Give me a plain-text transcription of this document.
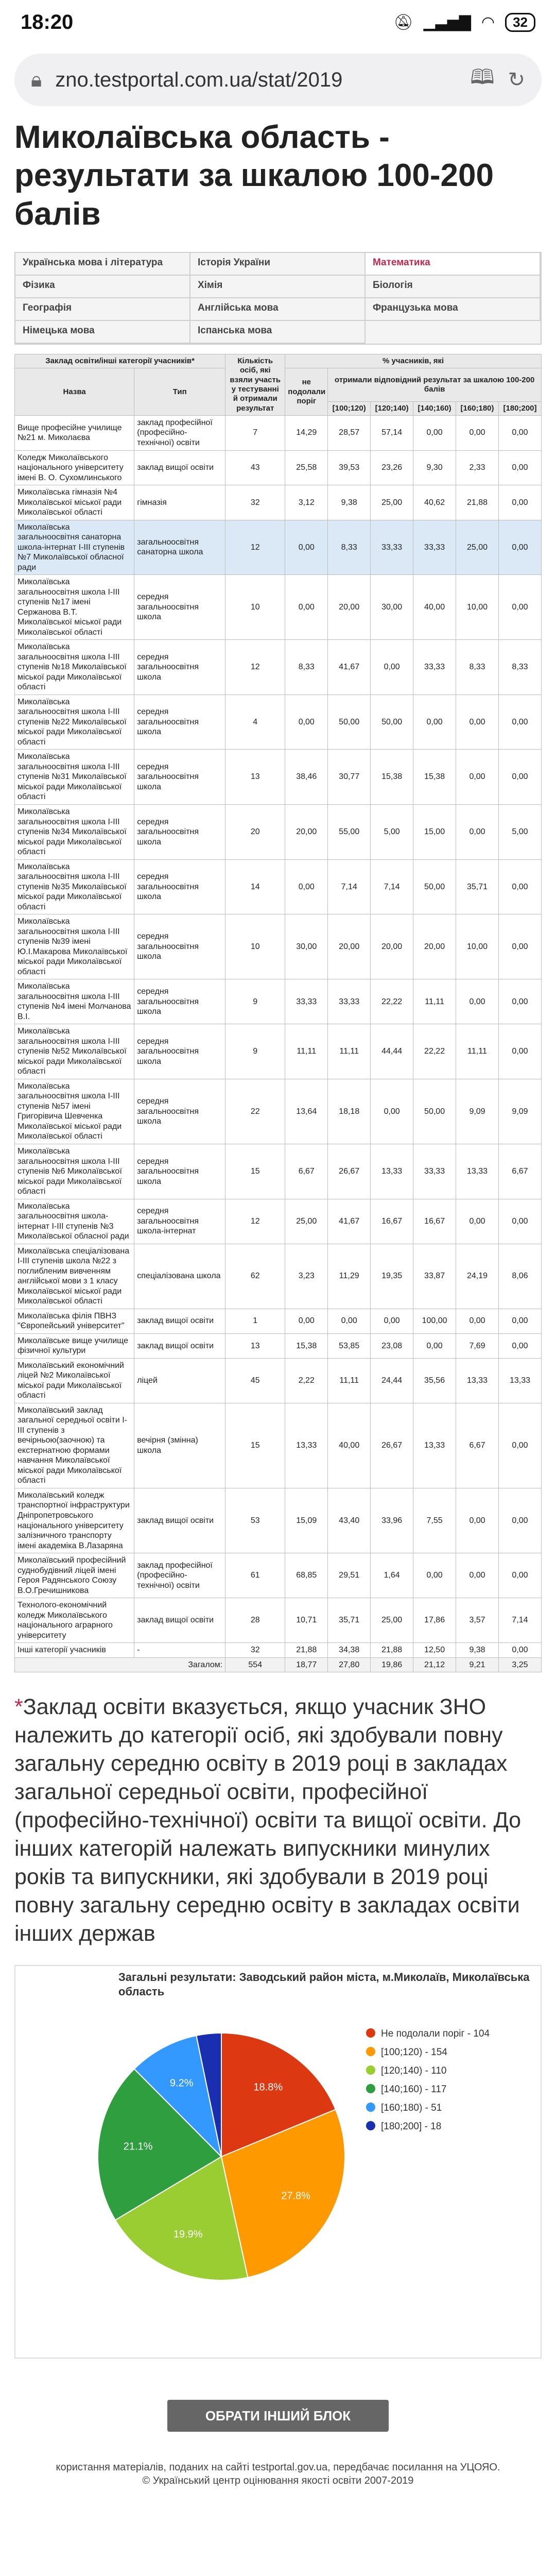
18:20	🔕︎ ▁▃▅▇ ◠	32
🔒︎ zno.testportal.com.ua/stat/2019	🕮︎ ↻
Миколаївська область - результати за шкалою 100-200 балів
Українська мова і література	Історія України	Математика
Фізика	Хімія	Біологія
Географія	Англійська мова	Французька мова
Німецька мова	Іспанська мова
Заклад освіти/інші категорії учасників*		Кількість осіб, які взяли участь у тестуванні й отримали результат	% учасників, які					
Назва	Тип		не подолали поріг	отримали відповідний результат за шкалою 100-200 балів				
				[100;120)	[120;140)	[140;160)	[160;180)	[180;200]
Вище професійне училище №21 м. Миколаєва	заклад професійної (професійно-технічної) освіти	7	14,29	28,57	57,14	0,00	0,00	0,00
Коледж Миколаївського національного університету імені В. О. Сухомлинського	заклад вищої освіти	43	25,58	39,53	23,26	9,30	2,33	0,00
Миколаївська гімназія №4 Миколаївської міської ради Миколаївської області	гімназія	32	3,12	9,38	25,00	40,62	21,88	0,00
Миколаївська загальноосвітня санаторна школа-інтернат І-ІІІ ступенів №7 Миколаївської обласної ради	загальноосвітня санаторна школа	12	0,00	8,33	33,33	33,33	25,00	0,00
Миколаївська загальноосвітня школа І-ІІІ ступенів №17 імені Сержанова В.Т. Миколаївської міської ради Миколаївської області	середня загальноосвітня школа	10	0,00	20,00	30,00	40,00	10,00	0,00
Миколаївська загальноосвітня школа І-ІІІ ступенів №18 Миколаївської міської ради Миколаївської області	середня загальноосвітня школа	12	8,33	41,67	0,00	33,33	8,33	8,33
Миколаївська загальноосвітня школа І-ІІІ ступенів №22 Миколаївської міської ради Миколаївської області	середня загальноосвітня школа	4	0,00	50,00	50,00	0,00	0,00	0,00
Миколаївська загальноосвітня школа І-ІІІ ступенів №31 Миколаївської міської ради Миколаївської області	середня загальноосвітня школа	13	38,46	30,77	15,38	15,38	0,00	0,00
Миколаївська загальноосвітня школа І-ІІІ ступенів №34 Миколаївської міської ради Миколаївської області	середня загальноосвітня школа	20	20,00	55,00	5,00	15,00	0,00	5,00
Миколаївська загальноосвітня школа І-ІІІ ступенів №35 Миколаївської міської ради Миколаївської області	середня загальноосвітня школа	14	0,00	7,14	7,14	50,00	35,71	0,00
Миколаївська загальноосвітня школа І-ІІІ ступенів №39 імені Ю.І.Макарова Миколаївської міської ради Миколаївської області	середня загальноосвітня школа	10	30,00	20,00	20,00	20,00	10,00	0,00
Миколаївська загальноосвітня школа І-ІІІ ступенів №4 імені Молчанова В.І.	середня загальноосвітня школа	9	33,33	33,33	22,22	11,11	0,00	0,00
Миколаївська загальноосвітня школа І-ІІІ ступенів №52 Миколаївської міської ради Миколаївської області	середня загальноосвітня школа	9	11,11	11,11	44,44	22,22	11,11	0,00
Миколаївська загальноосвітня школа І-ІІІ ступенів №57 імені Григорівича Шевченка Миколаївської міської ради Миколаївської області	середня загальноосвітня школа	22	13,64	18,18	0,00	50,00	9,09	9,09
Миколаївська загальноосвітня школа І-ІІІ ступенів №6 Миколаївської міської ради Миколаївської області	середня загальноосвітня школа	15	6,67	26,67	13,33	33,33	13,33	6,67
Миколаївська загальноосвітня школа-інтернат І-ІІІ ступенів №3 Миколаївської обласної ради	середня загальноосвітня школа-інтернат	12	25,00	41,67	16,67	16,67	0,00	0,00
Миколаївська спеціалізована І-ІІІ ступенів школа №22 з поглибленим вивченням англійської мови з 1 класу Миколаївської міської ради Миколаївської області	спеціалізована школа	62	3,23	11,29	19,35	33,87	24,19	8,06
Миколаївська філія ПВНЗ "Європейський університет"	заклад вищої освіти	1	0,00	0,00	0,00	100,00	0,00	0,00
Миколаївське вище училище фізичної культури	заклад вищої освіти	13	15,38	53,85	23,08	0,00	7,69	0,00
Миколаївський економічний ліцей №2 Миколаївської міської ради Миколаївської області	ліцей	45	2,22	11,11	24,44	35,56	13,33	13,33
Миколаївський заклад загальної середньої освіти І-ІІІ ступенів з вечірньою(заочною) та екстернатною формами навчання Миколаївської міської ради Миколаївської області	вечірня (змінна) школа	15	13,33	40,00	26,67	13,33	6,67	0,00
Миколаївський коледж транспортної інфраструктури Дніпропетровського національного університету залізничного транспорту імені академіка В.Лазаряна	заклад вищої освіти	53	15,09	43,40	33,96	7,55	0,00	0,00
Миколаївський професійний суднобудівний ліцей імені Героя Радянського Союзу В.О.Гречишникова	заклад професійної (професійно-технічної) освіти	61	68,85	29,51	1,64	0,00	0,00	0,00
Технолого-економічний коледж Миколаївського національного аграрного університету	заклад вищої освіти	28	10,71	35,71	25,00	17,86	3,57	7,14
Інші категорії учасників	-	32	21,88	34,38	21,88	12,50	9,38	0,00
Загалом:		554	18,77	27,80	19,86	21,12	9,21	3,25

*Заклад освіти вказується, якщо учасник ЗНО належить до категорії осіб, які здобували повну загальну середню освіту в 2019 році в закладах загальної середньої освіти, професійної (професійно-технічної) освіти та вищої освіти. До інших категорій належать випускники минулих років та випускники, які здобували в 2019 році повну загальну середню освіту в закладах освіти інших держав

Загальні результати: Заводський район міста, м.Миколаїв, Миколаївська область
18.8%
27.8%
19.9%
21.1%
9.2%
Не подолали поріг - 104
[100;120) - 154
[120;140) - 110
[140;160) - 117
[160;180) - 51
[180;200] - 18
ОБРАТИ ІНШИЙ БЛОК
користання матеріалів, поданих на сайті testportal.gov.ua, передбачає посилання на УЦОЯО.
© Український центр оцінювання якості освіти 2007-2019
